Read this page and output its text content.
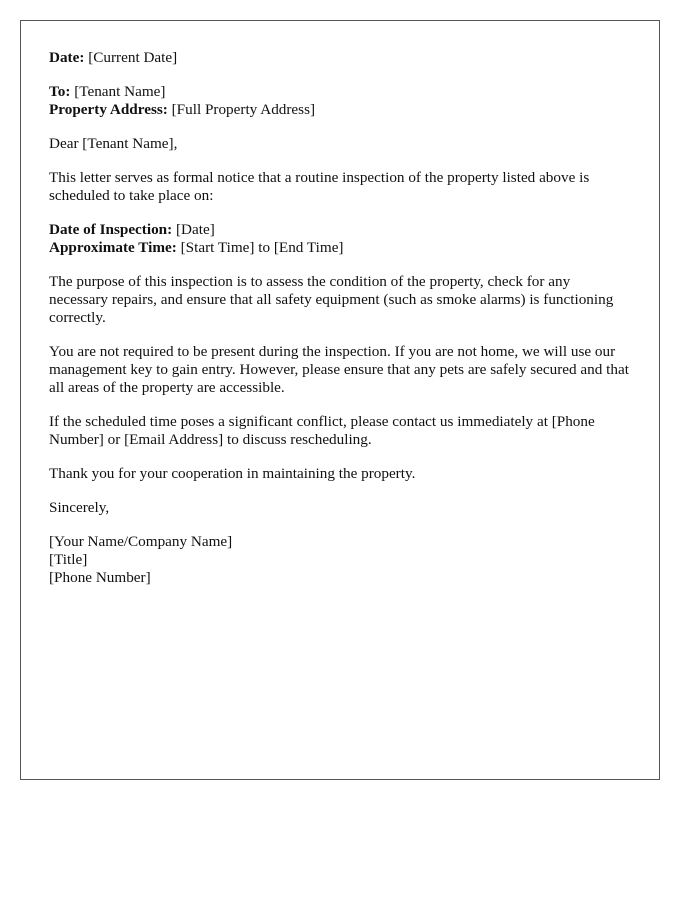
Date: [Current Date]
To: [Tenant Name]
Property Address: [Full Property Address]
Dear [Tenant Name],
This letter serves as formal notice that a routine inspection of the property listed above is scheduled to take place on:
Date of Inspection: [Date]
Approximate Time: [Start Time] to [End Time]
The purpose of this inspection is to assess the condition of the property, check for any necessary repairs, and ensure that all safety equipment (such as smoke alarms) is functioning correctly.
You are not required to be present during the inspection. If you are not home, we will use our management key to gain entry. However, please ensure that any pets are safely secured and that all areas of the property are accessible.
If the scheduled time poses a significant conflict, please contact us immediately at [Phone Number] or [Email Address] to discuss rescheduling.
Thank you for your cooperation in maintaining the property.
Sincerely,
[Your Name/Company Name]
[Title]
[Phone Number]
